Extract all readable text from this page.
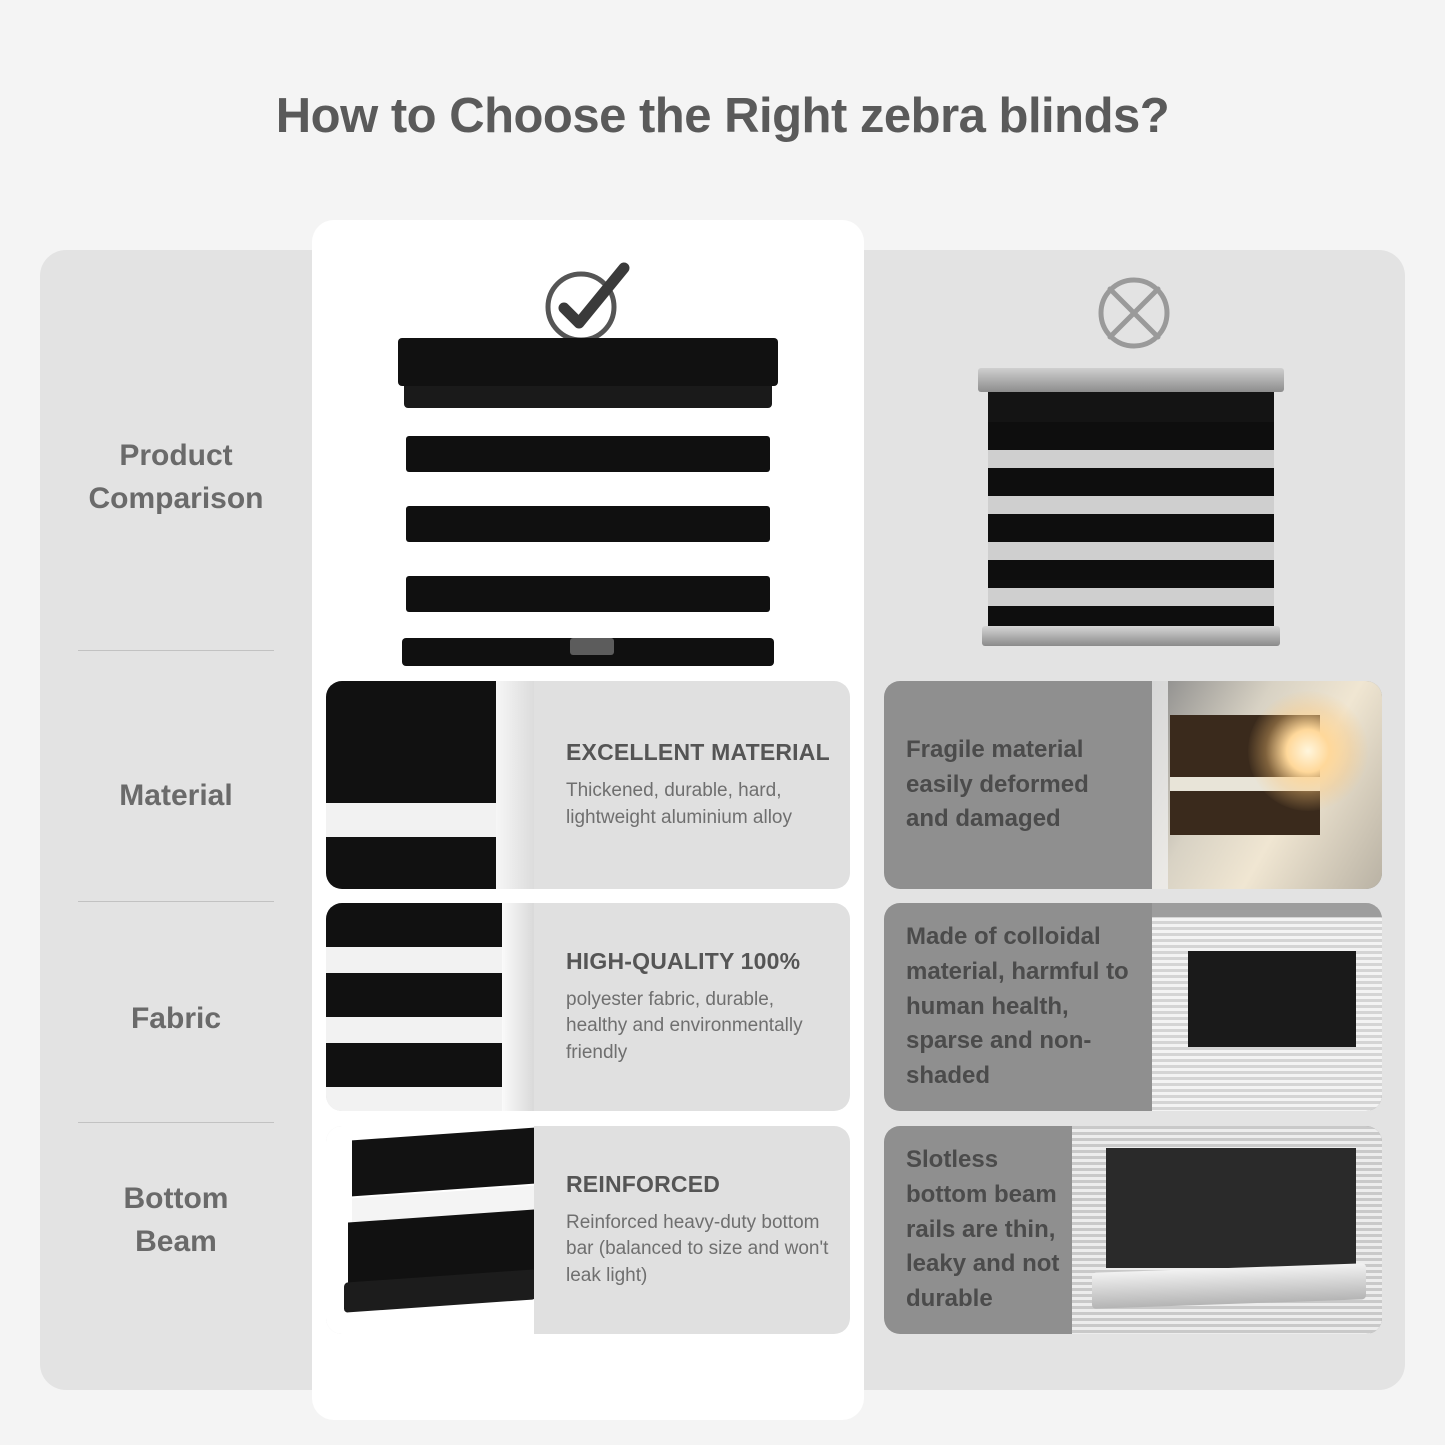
How to Choose the Right zebra blinds?
Product
Comparison
Material
Fabric
Bottom
Beam
EXCELLENT MATERIAL
Thickened, durable, hard, lightweight aluminium alloy
HIGH-QUALITY 100%
polyester fabric, durable, healthy and environmentally friendly
REINFORCED
Reinforced heavy-duty bottom bar (balanced to size and won't leak light)
Fragile material easily deformed and damaged
Made of colloidal material, harmful to human health, sparse and non-shaded
Slotless bottom beam rails are thin, leaky and not durable
